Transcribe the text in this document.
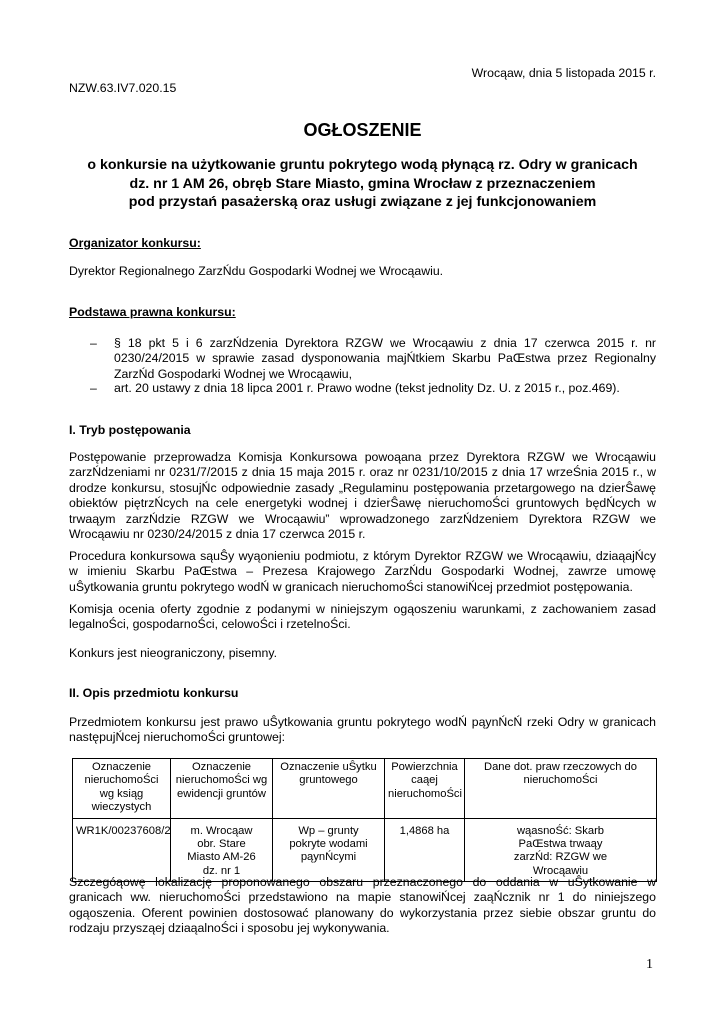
Wrocąaw, dnia 5 listopada 2015 r.
NZW.63.IV7.020.15
OGŁOSZENIE
o konkursie na użytkowanie gruntu pokrytego wodą płynącą rz. Odry w granicach
dz. nr 1 AM 26, obręb Stare Miasto, gmina Wrocław z przeznaczeniem
pod przystań pasażerską oraz usługi związane z jej funkcjonowaniem
Organizator konkursu:
Dyrektor Regionalnego ZarzŃdu Gospodarki Wodnej we Wrocąawiu.
Podstawa prawna konkursu:
–	§ 18 pkt 5 i 6 zarzŃdzenia Dyrektora RZGW we Wrocąawiu z dnia 17 czerwca 2015 r. nr 0230/24/2015 w sprawie zasad dysponowania majŃtkiem Skarbu PaŒstwa przez Regionalny ZarzŃd Gospodarki Wodnej we Wrocąawiu,
–	art. 20 ustawy z dnia 18 lipca 2001 r. Prawo wodne (tekst jednolity Dz. U. z 2015 r., poz.469).
I. Tryb postępowania
Postępowanie przeprowadza Komisja Konkursowa powoąana przez Dyrektora RZGW we Wrocąawiu zarzŃdzeniami nr 0231/7/2015 z dnia 15 maja 2015 r. oraz nr 0231/10/2015 z dnia 17 wrzeŚnia 2015 r., w drodze konkursu, stosujŃc odpowiednie zasady „Regulaminu postępowania przetargowego na dzierŜawę obiektów piętrzŃcych na cele energetyki wodnej i dzierŜawę nieruchomoŚci gruntowych będŃcych w trwaąym zarzŃdzie RZGW we Wrocąawiu” wprowadzonego zarzŃdzeniem Dyrektora RZGW we Wrocąawiu nr 0230/24/2015 z dnia 17 czerwca 2015 r.
Procedura konkursowa sąuŜy wyąonieniu podmiotu, z którym Dyrektor RZGW we Wrocąawiu, dziaąajŃcy w imieniu Skarbu PaŒstwa – Prezesa Krajowego ZarzŃdu Gospodarki Wodnej, zawrze umowę uŜytkowania gruntu pokrytego wodŃ w granicach nieruchomoŚci stanowiŃcej przedmiot postępowania.
Komisja ocenia oferty zgodnie z podanymi w niniejszym ogąoszeniu warunkami, z zachowaniem zasad legalnoŚci, gospodarnoŚci, celowoŚci i rzetelnoŚci.
Konkurs jest nieograniczony, pisemny.
II. Opis przedmiotu konkursu
Przedmiotem konkursu jest prawo uŜytkowania gruntu pokrytego wodŃ pąynŃcŃ rzeki Odry w granicach następujŃcej nieruchomoŚci gruntowej:
Oznaczenie nieruchomoŚci wg ksiąg wieczystych	Oznaczenie nieruchomoŚci wg ewidencji gruntów	Oznaczenie uŜytku gruntowego	Powierzchnia caąej nieruchomoŚci	Dane dot. praw rzeczowych do nieruchomoŚci
WR1K/00237608/2	m. Wrocąaw obr. Stare Miasto AM-26 dz. nr 1	Wp – grunty pokryte wodami pąynŃcymi	1,4868 ha	wąasnoŚć: Skarb PaŒstwa trwaąy zarzŃd: RZGW we Wrocąawiu
Szczegóąowę lokalizację proponowanego obszaru przeznaczonego do oddania w uŜytkowanie w granicach ww. nieruchomoŚci przedstawiono na mapie stanowiŃcej zaąŃcznik nr 1 do niniejszego ogąoszenia. Oferent powinien dostosować planowany do wykorzystania przez siebie obszar gruntu do rodzaju przysząej dziaąalnoŚci i sposobu jej wykonywania.
1
